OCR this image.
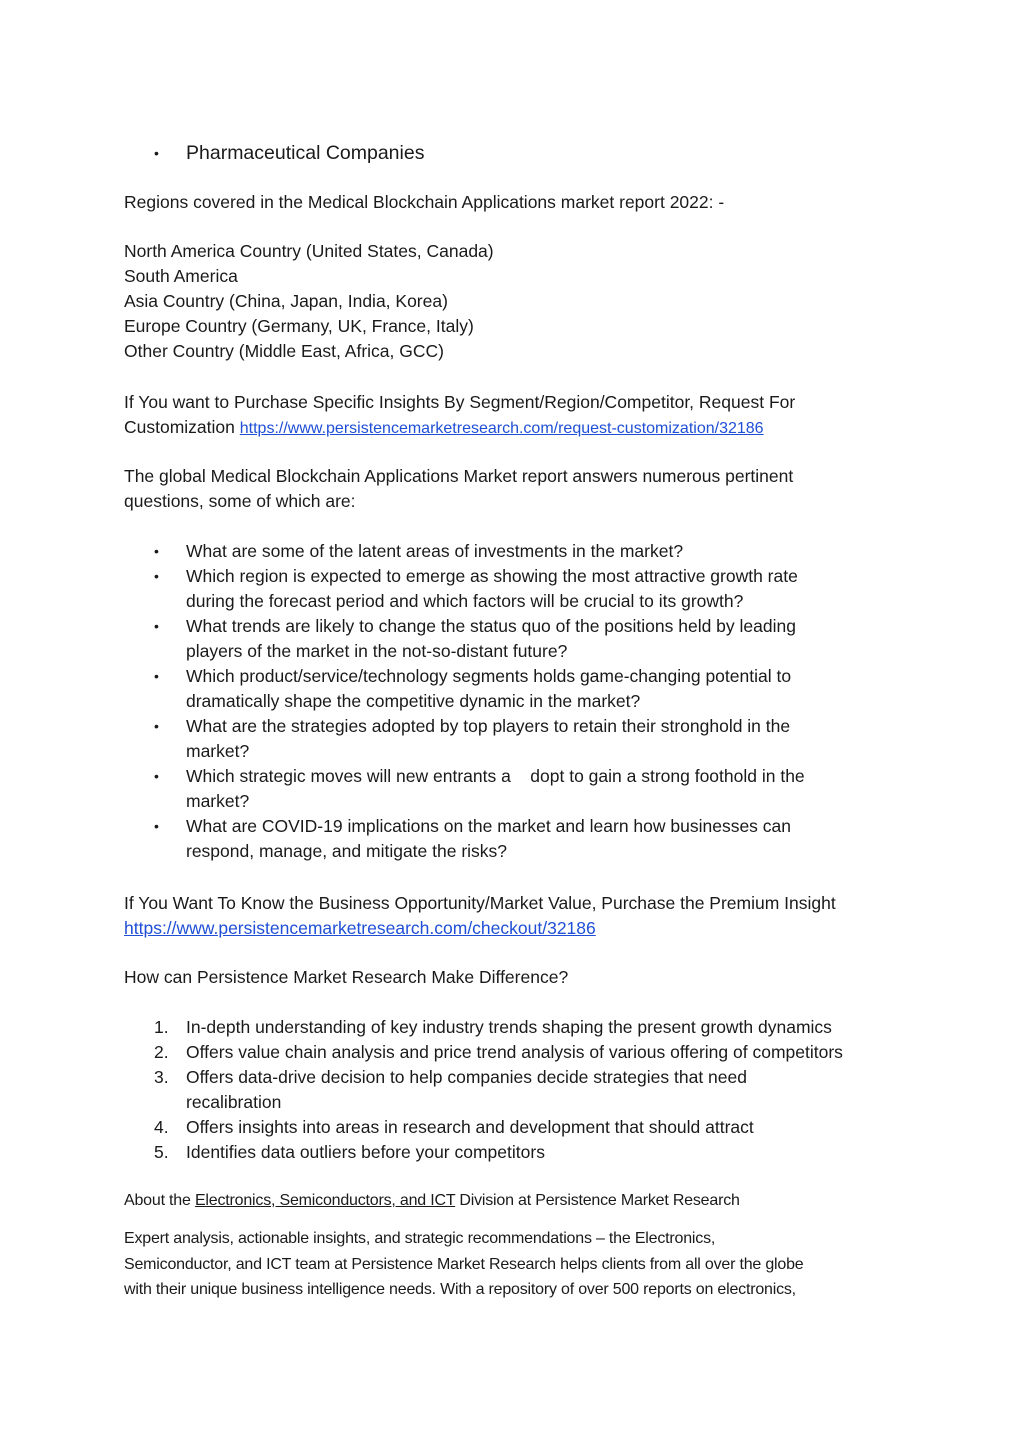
• Pharmaceutical Companies
Regions covered in the Medical Blockchain Applications market report 2022: -
North America Country (United States, Canada)
South America
Asia Country (China, Japan, India, Korea)
Europe Country (Germany, UK, France, Italy)
Other Country (Middle East, Africa, GCC)
If You want to Purchase Specific Insights By Segment/Region/Competitor, Request For
Customization https://www.persistencemarketresearch.com/request-customization/32186
The global Medical Blockchain Applications Market report answers numerous pertinent
questions, some of which are:
• What are some of the latent areas of investments in the market?
• Which region is expected to emerge as showing the most attractive growth rate
during the forecast period and which factors will be crucial to its growth?
• What trends are likely to change the status quo of the positions held by leading
players of the market in the not-so-distant future?
• Which product/service/technology segments holds game-changing potential to
dramatically shape the competitive dynamic in the market?
• What are the strategies adopted by top players to retain their stronghold in the
market?
• Which strategic moves will new entrants a    dopt to gain a strong foothold in the
market?
• What are COVID-19 implications on the market and learn how businesses can
respond, manage, and mitigate the risks?
If You Want To Know the Business Opportunity/Market Value, Purchase the Premium Insight
https://www.persistencemarketresearch.com/checkout/32186
How can Persistence Market Research Make Difference?
1. In-depth understanding of key industry trends shaping the present growth dynamics
2. Offers value chain analysis and price trend analysis of various offering of competitors
3. Offers data-drive decision to help companies decide strategies that need
recalibration
4. Offers insights into areas in research and development that should attract
5. Identifies data outliers before your competitors
About the Electronics, Semiconductors, and ICT Division at Persistence Market Research
Expert analysis, actionable insights, and strategic recommendations – the Electronics,
Semiconductor, and ICT team at Persistence Market Research helps clients from all over the globe
with their unique business intelligence needs. With a repository of over 500 reports on electronics,
